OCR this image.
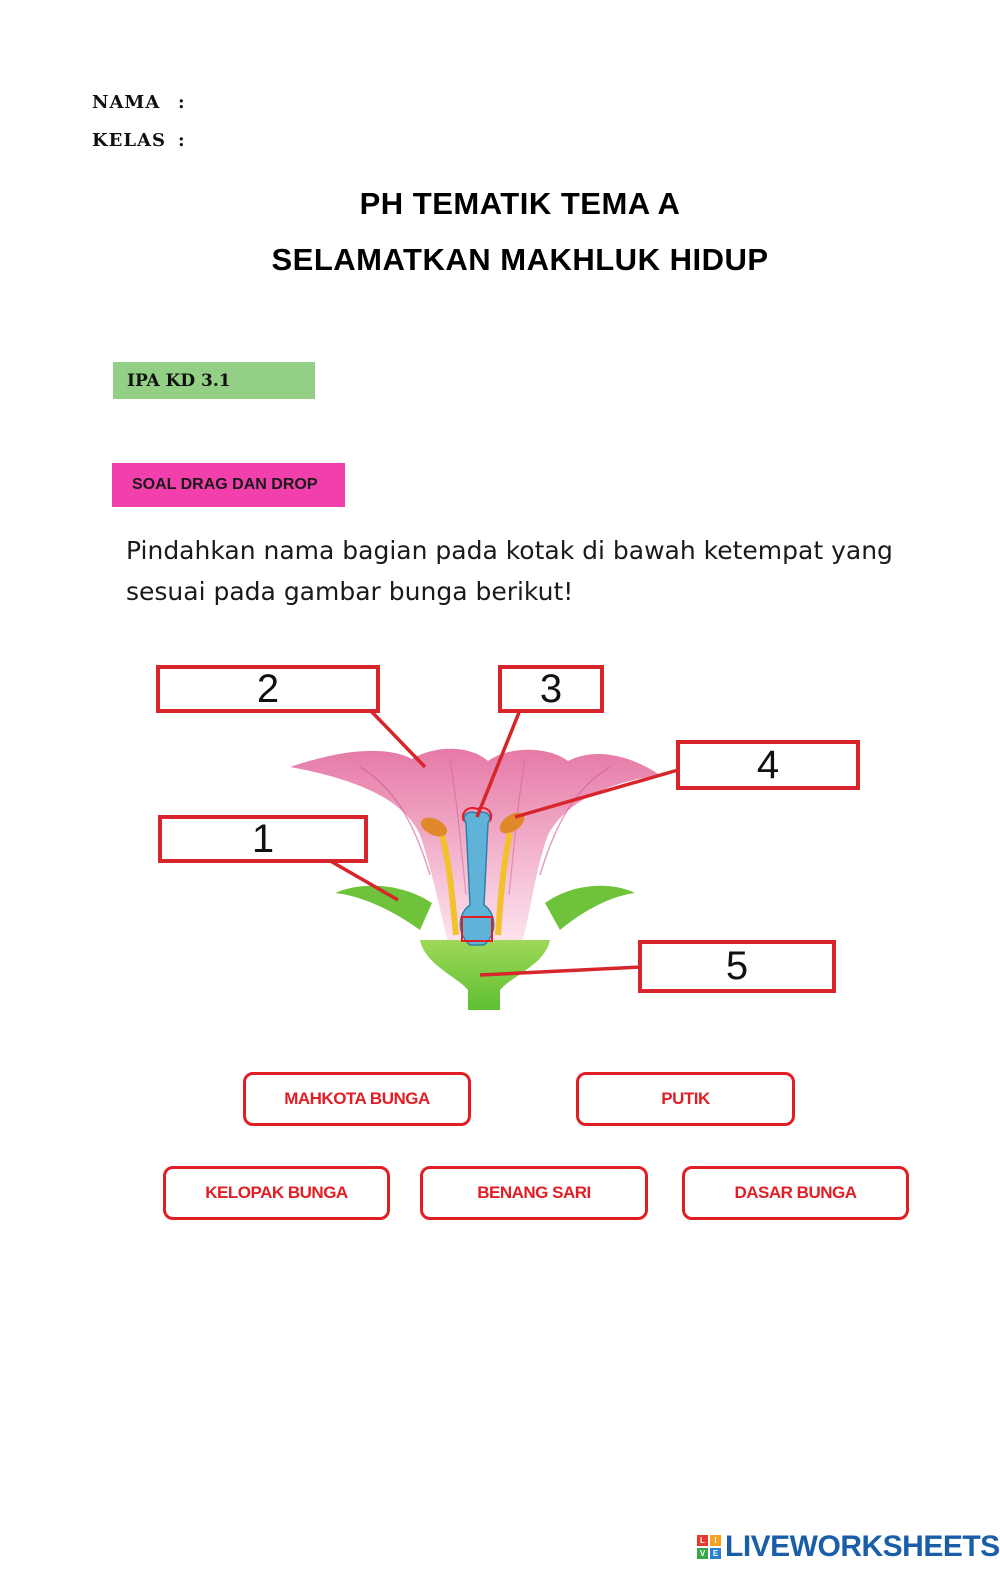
NAMA :
KELAS :
PH TEMATIK TEMA A
SELAMATKAN MAKHLUK HIDUP
IPA KD 3.1
SOAL DRAG DAN DROP
Pindahkan nama bagian pada kotak di bawah ketempat yang sesuai pada gambar bunga berikut!
1
2	3
4
5
MAHKOTA BUNGA	PUTIK
KELOPAK BUNGA	BENANG SARI	DASAR BUNGA
L	I
V E LIVEWORKSHEETS
